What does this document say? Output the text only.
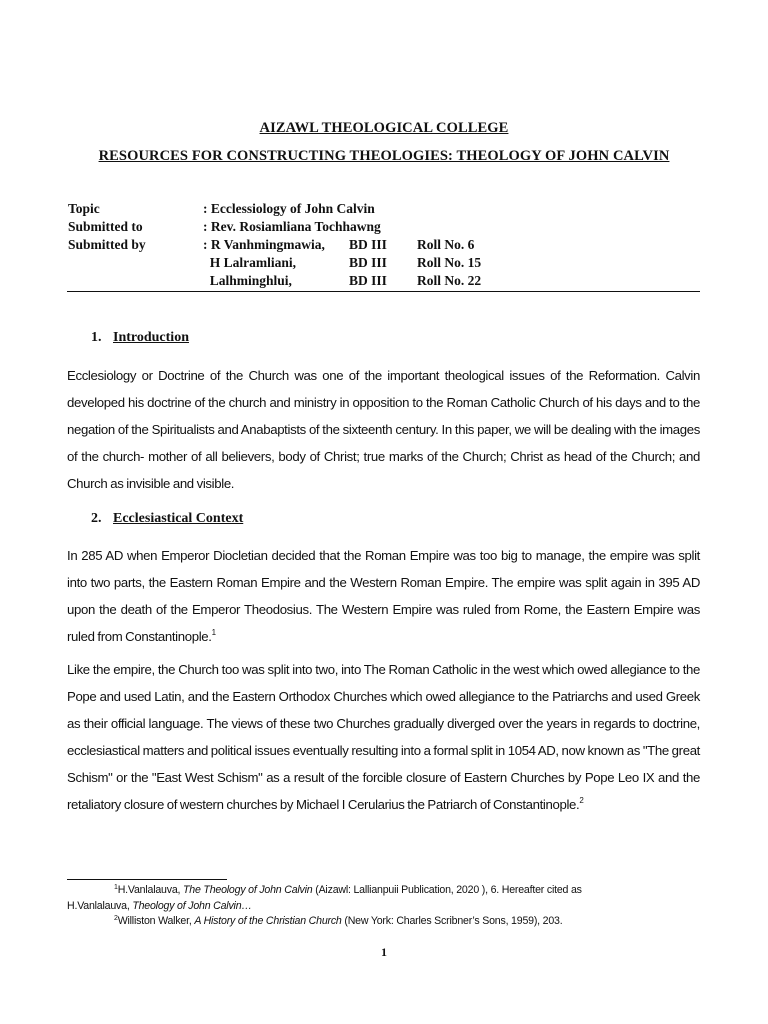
AIZAWL THEOLOGICAL COLLEGE
RESOURCES FOR CONSTRUCTING THEOLOGIES: THEOLOGY OF JOHN CALVIN
Topic	: Ecclessiology of John Calvin
Submitted to	: Rev. Rosiamliana Tochhawng
Submitted by	: R Vanhmingmawia, BD III Roll No. 6
H Lalramliani,	BD III Roll No. 15
Lalhminghlui,	BD III Roll No. 22
1. Introduction
Ecclesiology or Doctrine of the Church was one of the important theological issues of the Reformation. Calvin developed his doctrine of the church and ministry in opposition to the Roman Catholic Church of his days and to the negation of the Spiritualists and Anabaptists of the sixteenth century. In this paper, we will be dealing with the images of the church- mother of all believers, body of Christ; true marks of the Church; Christ as head of the Church; and Church as invisible and visible.
2. Ecclesiastical Context
In 285 AD when Emperor Diocletian decided that the Roman Empire was too big to manage, the empire was split into two parts, the Eastern Roman Empire and the Western Roman Empire. The empire was split again in 395 AD upon the death of the Emperor Theodosius. The Western Empire was ruled from Rome, the Eastern Empire was ruled from Constantinople.$^1$
Like the empire, the Church too was split into two, into The Roman Catholic in the west which owed allegiance to the Pope and used Latin, and the Eastern Orthodox Churches which owed allegiance to the Patriarchs and used Greek as their official language. The views of these two Churches gradually diverged over the years in regards to doctrine, ecclesiastical matters and political issues eventually resulting into a formal split in 1054 AD, now known as "The great Schism" or the "East West Schism" as a result of the forcible closure of Eastern Churches by Pope Leo IX and the retaliatory closure of western churches by Michael I Cerularius the Patriarch of Constantinople.$^2$
$^1$H.Vanlalauva, The Theology of John Calvin (Aizawl: Lallianpuii Publication, 2020 ), 6. Hereafter cited as
H.Vanlalauva, Theology of John Calvin…
$^2$Williston Walker, A History of the Christian Church (New York: Charles Scribner’s Sons, 1959), 203.
1
